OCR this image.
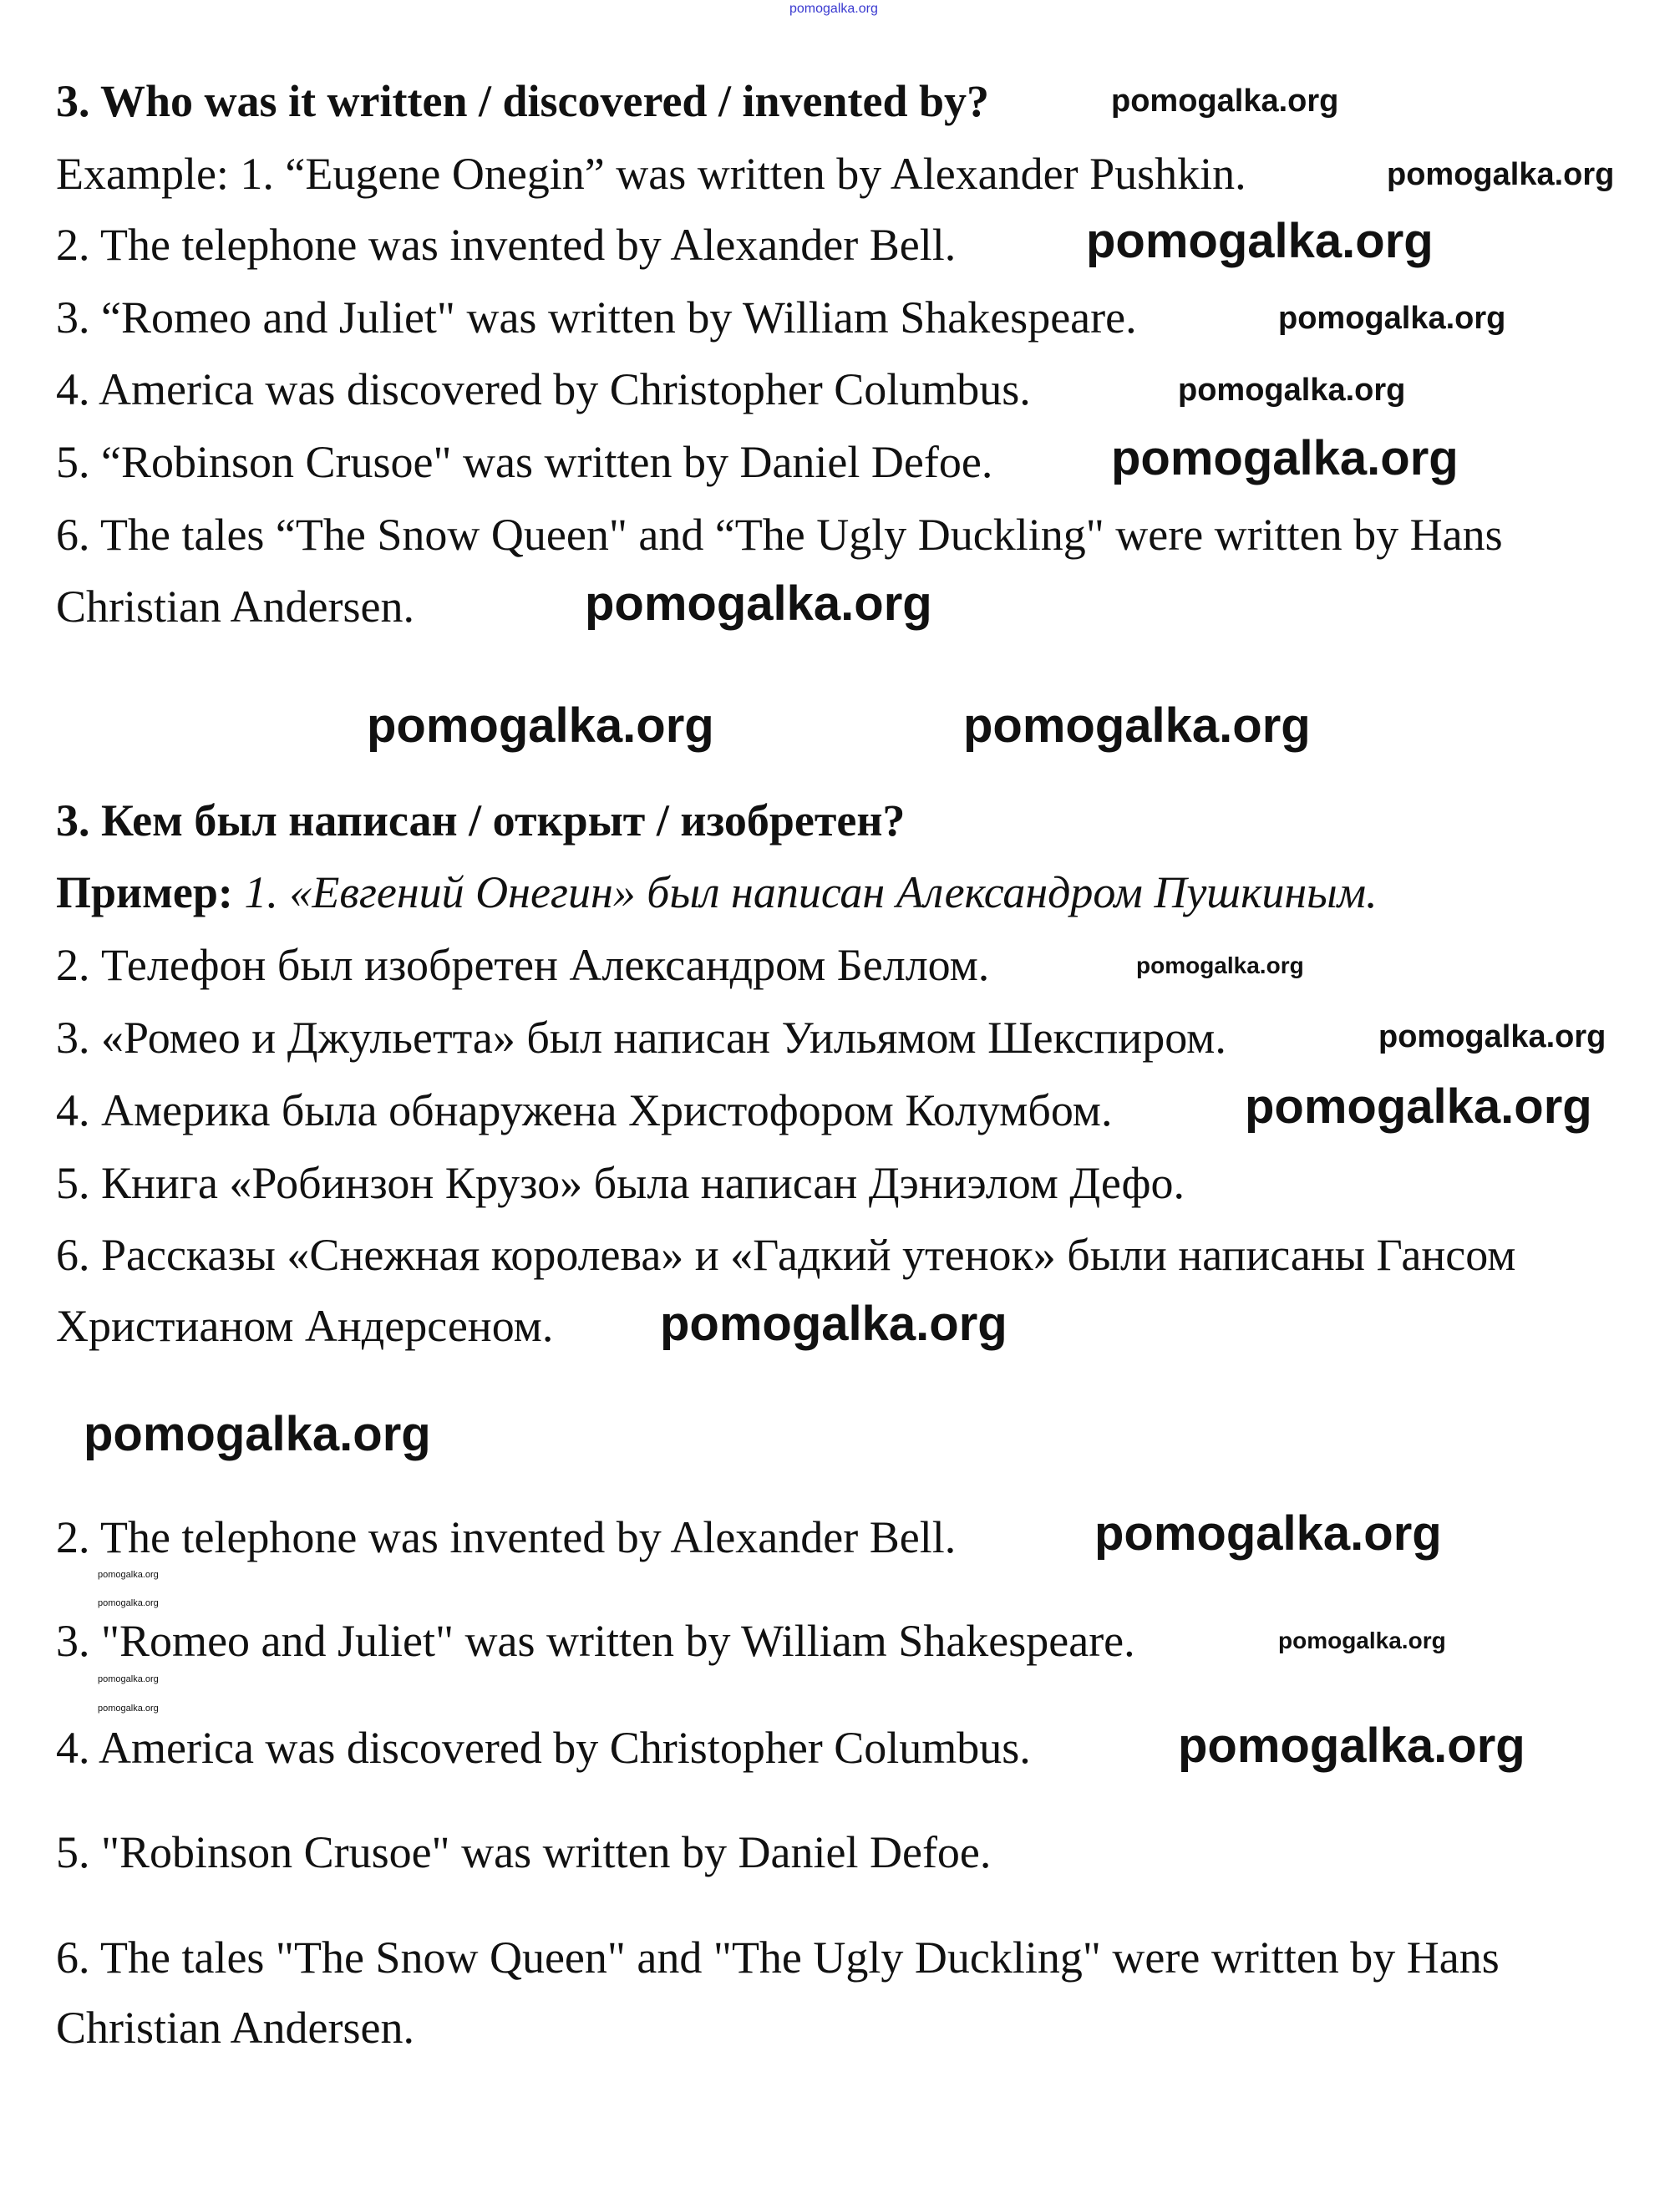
3. Who was it written / discovered / invented by?
Example: 1. “Eugene Onegin” was written by Alexander Pushkin.
2. The telephone was invented by Alexander Bell.
3. “Romeo and Juliet" was written by William Shakespeare.
4. America was discovered by Christopher Columbus.
5. “Robinson Crusoe" was written by Daniel Defoe.
6. The tales “The Snow Queen" and “The Ugly Duckling" were written by Hans
Christian Andersen.
3. Кем был написан / открыт / изобретен?
Пример: 1. «Евгений Онегин» был написан Александром Пушкиным.
2. Телефон был изобретен Александром Беллом.
3. «Ромео и Джульетта» был написан Уильямом Шекспиром.
4. Америка была обнаружена Христофором Колумбом.
5. Книга «Робинзон Крузо» была написан Дэниэлом Дефо.
6. Рассказы «Снежная королева» и «Гадкий утенок» были написаны Гансом
Христианом Андерсеном.
2. The telephone was invented by Alexander Bell.
3. "Romeo and Juliet" was written by William Shakespeare.
4. America was discovered by Christopher Columbus.
5. "Robinson Crusoe" was written by Daniel Defoe.
6. The tales "The Snow Queen" and "The Ugly Duckling" were written by Hans
Christian Andersen.
pomogalka.org
pomogalka.org
pomogalka.org
pomogalka.org
pomogalka.org
pomogalka.org
pomogalka.org
pomogalka.org
pomogalka.org	pomogalka.org
pomogalka.org
pomogalka.org
pomogalka.org
pomogalka.org
pomogalka.org
pomogalka.org
pomogalka.org
pomogalka.org
pomogalka.org
pomogalka.org
pomogalka.org
pomogalka.org
